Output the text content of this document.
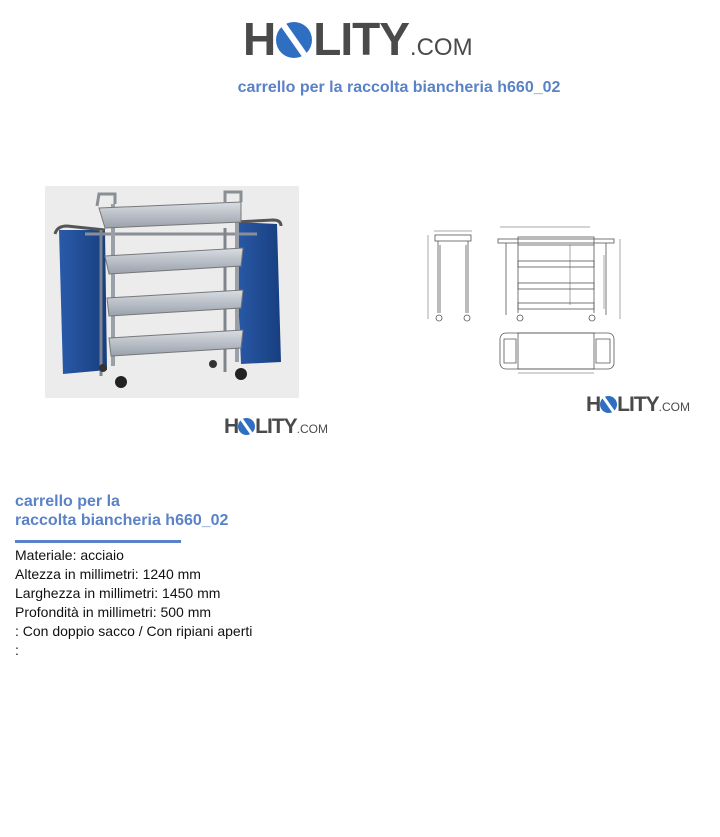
H LITY .COM
carrello per la raccolta biancheria h660_02
H LITY .COM
H LITY .COM
carrello per la
raccolta biancheria h660_02
Materiale: acciaio
Altezza in millimetri: 1240 mm
Larghezza in millimetri: 1450 mm
Profondità in millimetri: 500 mm
: Con doppio sacco / Con ripiani aperti
:
